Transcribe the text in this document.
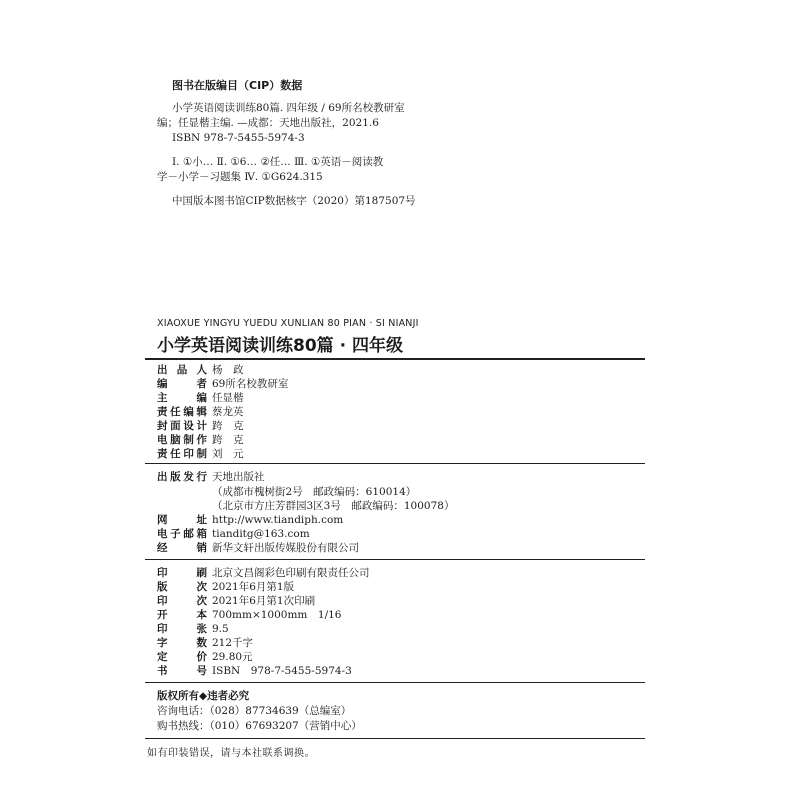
图书在版编目（CIP）数据
小学英语阅读训练80篇. 四年级 / 69所名校教研室
编；任显楷主编. —成都：天地出版社，2021.6
ISBN 978-7-5455-5974-3
Ⅰ. ①小… Ⅱ. ①6… ②任… Ⅲ. ①英语－阅读教
学－小学－习题集 Ⅳ. ①G624.315
中国版本图书馆CIP数据核字（2020）第187507号
XIAOXUE YINGYU YUEDU XUNLIAN 80 PIAN · SI NIANJI
小学英语阅读训练80篇 · 四年级
出品人 杨　政
编者 69所名校教研室
主编 任显楷
责任编辑 蔡龙英
封面设计 跨　克
电脑制作 跨　克
责任印制 刘　元
出版发行 天地出版社
（成都市槐树街2号　邮政编码：610014）
（北京市方庄芳群园3区3号　邮政编码：100078）
网址 http://www.tiandiph.com
电子邮箱 tianditg@163.com
经销 新华文轩出版传媒股份有限公司
印刷 北京文昌阁彩色印刷有限责任公司
版次 2021年6月第1版
印次 2021年6月第1次印刷
开本 700mm×1000mm　1/16
印张 9.5
字数 212千字
定价 29.80元
书号 ISBN　978-7-5455-5974-3
版权所有◆违者必究
咨询电话：（028）87734639（总编室）
购书热线：（010）67693207（营销中心）
如有印装错误，请与本社联系调换。
